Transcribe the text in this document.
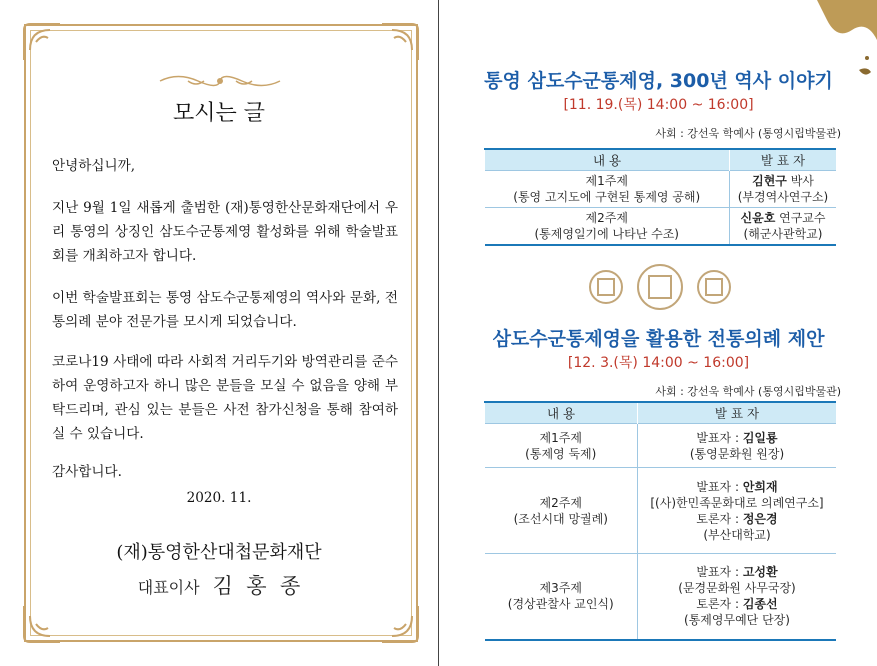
모시는 글
안녕하십니까,
지난 9월 1일 새롭게 출범한 (재)통영한산문화재단에서 우리 통영의 상징인 삼도수군통제영 활성화를 위해 학술발표회를 개최하고자 합니다.
이번 학술발표회는 통영 삼도수군통제영의 역사와 문화, 전통의례 분야 전문가를 모시게 되었습니다.
코로나19 사태에 따라 사회적 거리두기와 방역관리를 준수하여 운영하고자 하니 많은 분들을 모실 수 없음을 양해 부탁드리며, 관심 있는 분들은 사전 참가신청을 통해 참여하실 수 있습니다.
감사합니다.
2020. 11.
(재)통영한산대첩문화재단
대표이사 김  홍  종
통영 삼도수군통제영, 300년 역사 이야기
[11. 19.(목) 14:00 ~ 16:00]
사회 : 강선욱 학예사 (통영시립박물관)
내 용	발 표 자
제1주제
(통영 고지도에 구현된 통제영 공해)	김현구 박사
(부경역사연구소)
제2주제
(통제영일기에 나타난 수조)	신윤호 연구교수
(해군사관학교)
삼도수군통제영을 활용한 전통의례 제안
[12. 3.(목) 14:00 ~ 16:00]
사회 : 강선욱 학예사 (통영시립박물관)
내 용	발 표 자
제1주제
(통제영 둑제)	발표자 : 김일룡
(통영문화원 원장)
제2주제
(조선시대 망궐례)	발표자 : 안희재
[(사)한민족문화대로 의례연구소]
토론자 : 정은경
(부산대학교)
제3주제
(경상관찰사 교인식)	발표자 : 고성환
(문경문화원 사무국장)
토론자 : 김종선
(통제영무예단 단장)
